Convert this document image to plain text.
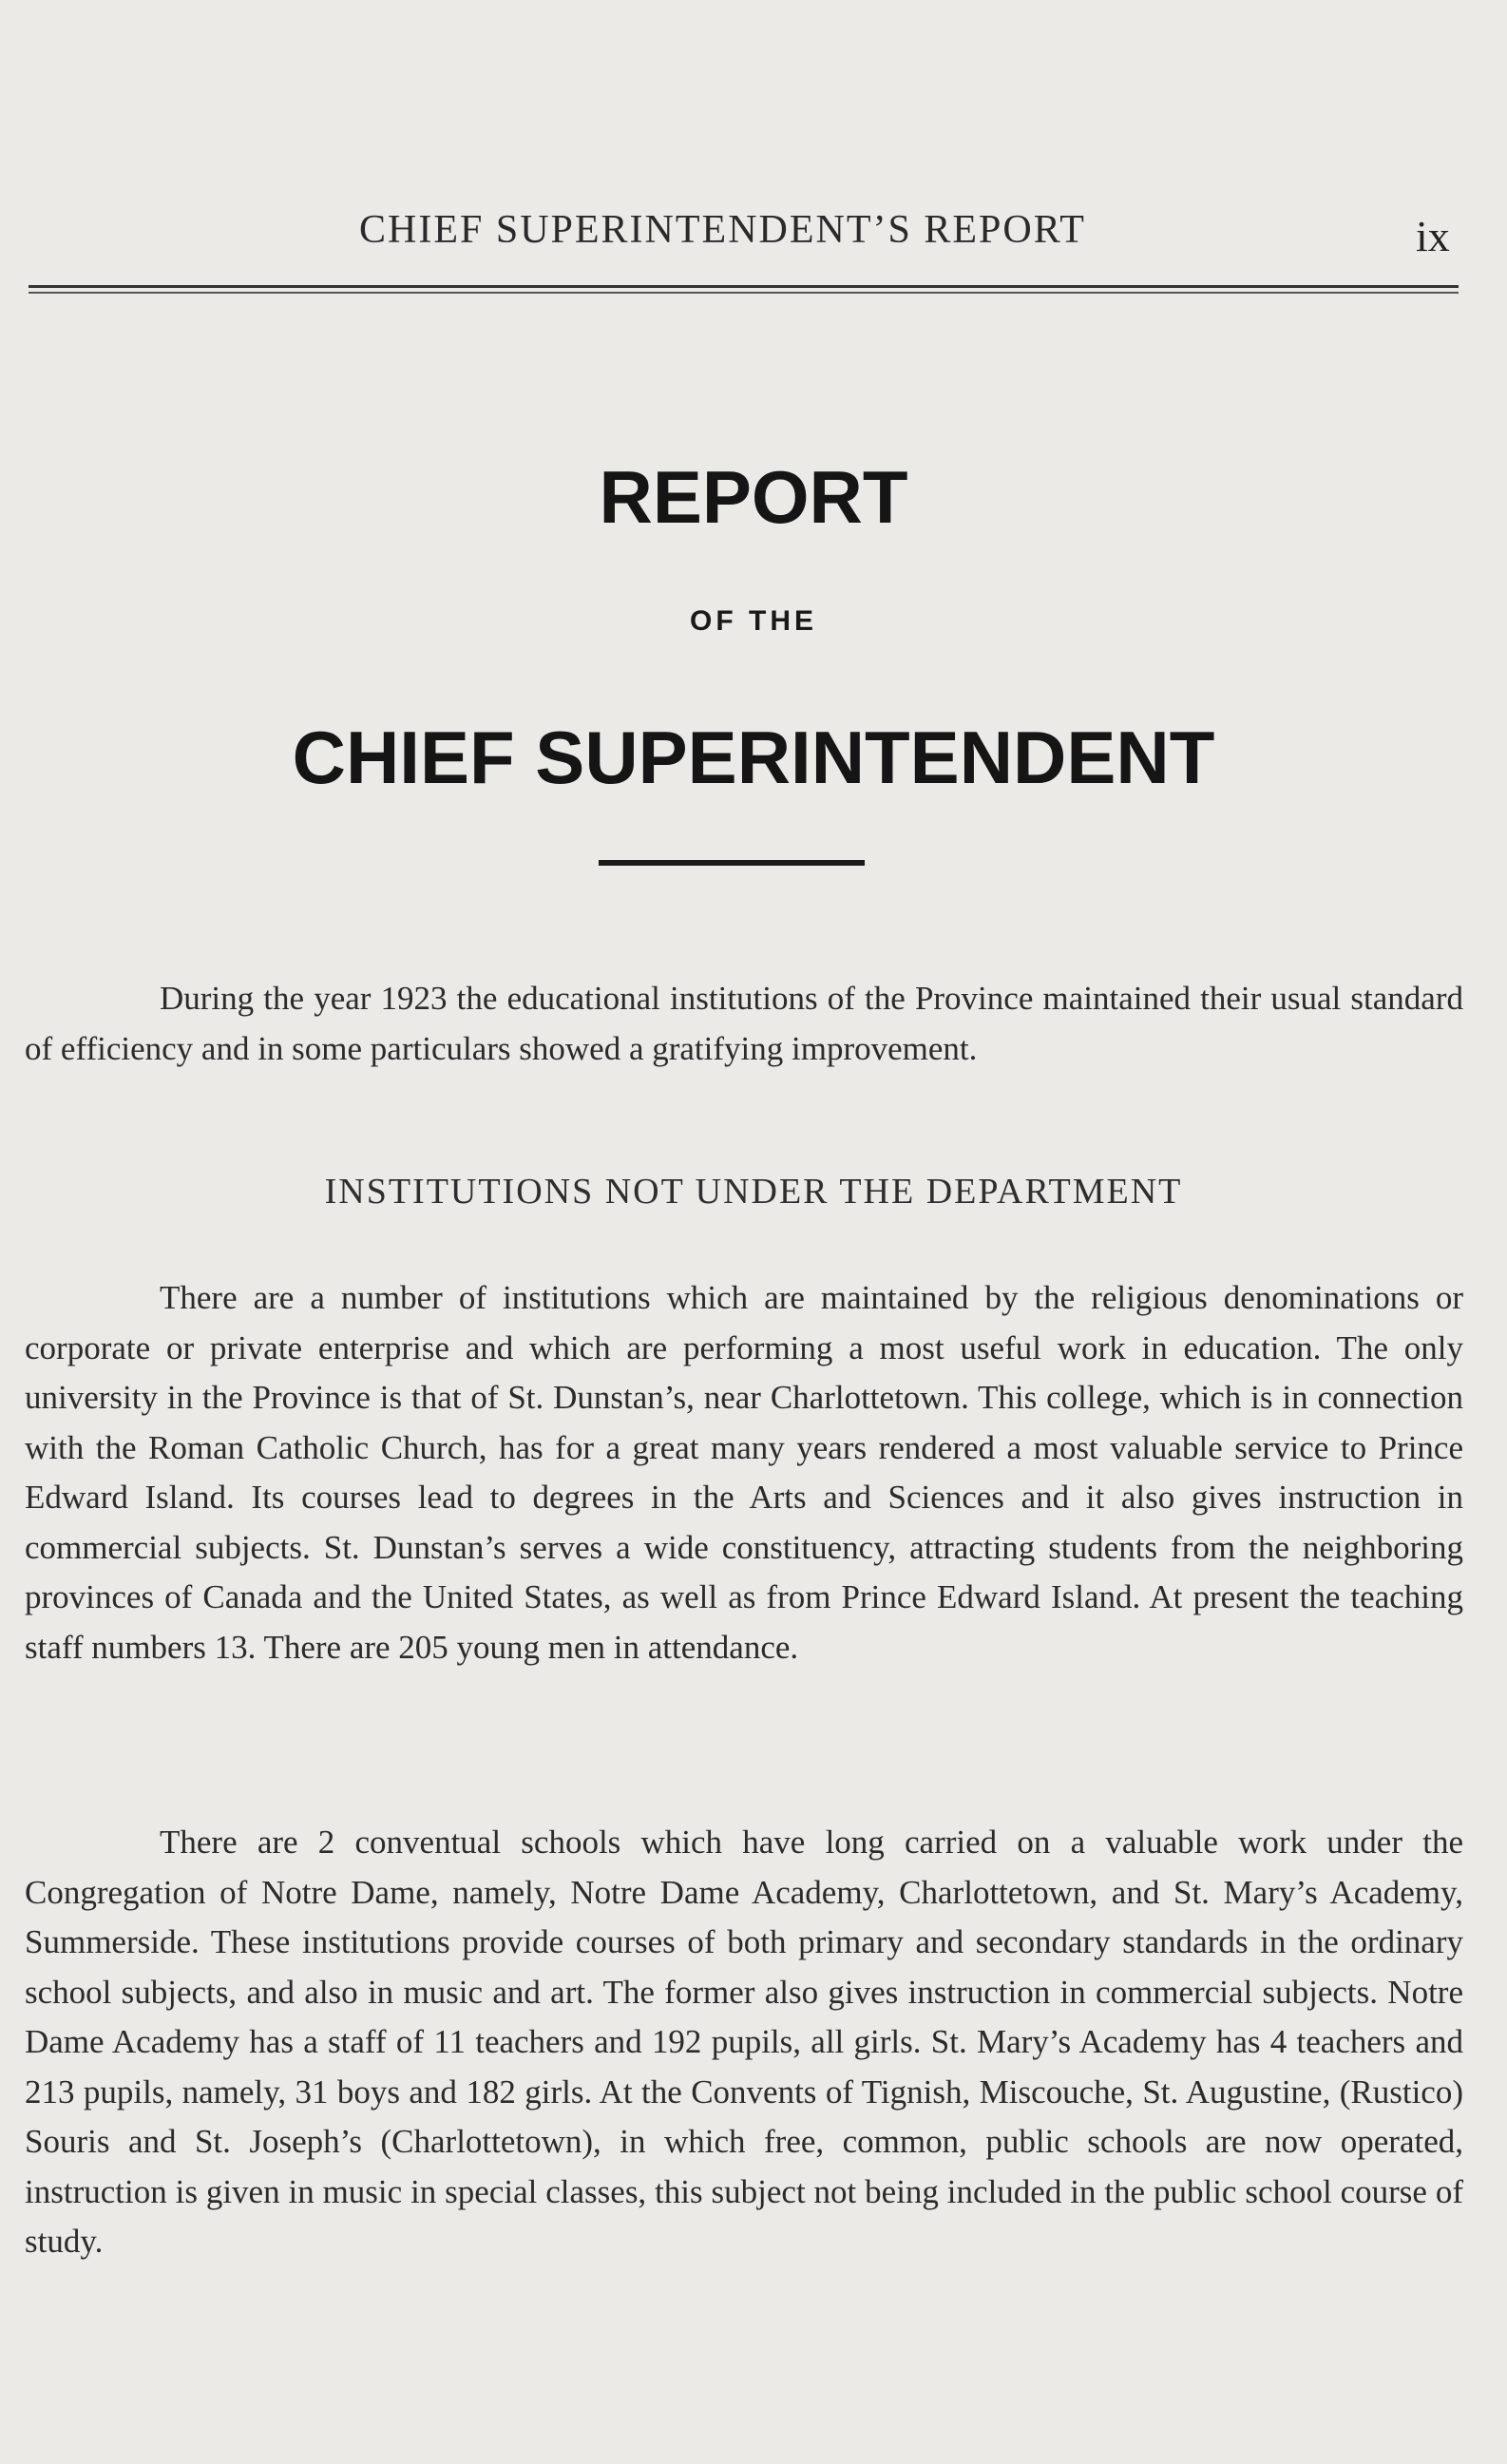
CHIEF SUPERINTENDENT’S REPORT	ix
REPORT
OF THE
CHIEF SUPERINTENDENT

During the year 1923 the educational institutions of the Province maintained their usual standard of efficiency and in some particulars showed a gratifying improvement.

INSTITUTIONS NOT UNDER THE DEPARTMENT

There are a number of institutions which are maintained by the religious denominations or corporate or private enterprise and which are performing a most useful work in education. The only university in the Province is that of St. Dunstan’s, near Charlottetown. This college, which is in connection with the Roman Catholic Church, has for a great many years rendered a most valuable service to Prince Edward Island. Its courses lead to degrees in the Arts and Sciences and it also gives instruction in commercial subjects. St. Dunstan’s serves a wide constituency, attracting students from the neighboring provinces of Canada and the United States, as well as from Prince Edward Island. At present the teaching staff numbers 13. There are 205 young men in attendance.

There are 2 conventual schools which have long carried on a valuable work under the Congregation of Notre Dame, namely, Notre Dame Academy, Charlottetown, and St. Mary’s Academy, Summerside. These institutions provide courses of both primary and secondary standards in the ordinary school subjects, and also in music and art. The former also gives instruction in commercial subjects. Notre Dame Academy has a staff of 11 teachers and 192 pupils, all girls. St. Mary’s Academy has 4 teachers and 213 pupils, namely, 31 boys and 182 girls. At the Convents of Tignish, Miscouche, St. Augustine, (Rustico) Souris and St. Joseph’s (Charlottetown), in which free, common, public schools are now operated, instruction is given in music in special classes, this subject not being included in the public school course of study.
